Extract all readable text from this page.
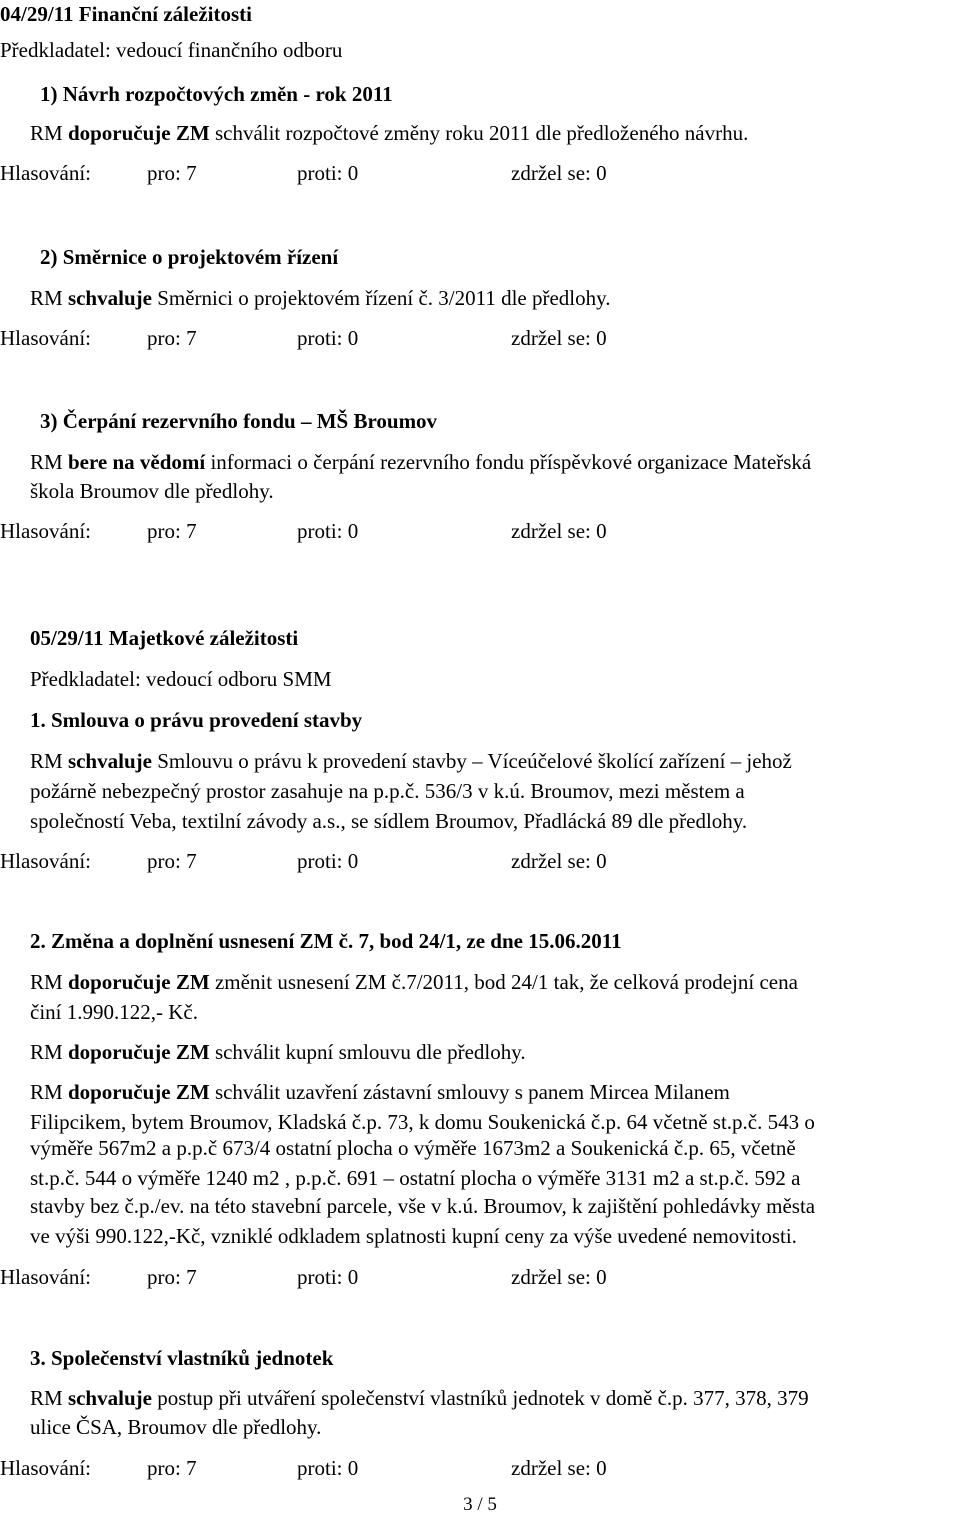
04/29/11 Finanční záležitosti
Předkladatel: vedoucí finančního odboru
1) Návrh rozpočtových změn - rok 2011
RM doporučuje ZM schválit rozpočtové změny roku 2011 dle předloženého návrhu.
Hlasování:	pro: 7	proti: 0	zdržel se: 0
2) Směrnice o projektovém řízení
RM schvaluje Směrnici o projektovém řízení č. 3/2011 dle předlohy.
Hlasování:	pro: 7	proti: 0	zdržel se: 0
3) Čerpání rezervního fondu – MŠ Broumov
RM bere na vědomí informaci o čerpání rezervního fondu příspěvkové organizace Mateřská
škola Broumov dle předlohy.
Hlasování:	pro: 7	proti: 0	zdržel se: 0
05/29/11 Majetkové záležitosti
Předkladatel: vedoucí odboru SMM
1. Smlouva o právu provedení stavby
RM schvaluje Smlouvu o právu k provedení stavby – Víceúčelové školící zařízení – jehož
požárně nebezpečný prostor zasahuje na p.p.č. 536/3 v k.ú. Broumov, mezi městem a
společností Veba, textilní závody a.s., se sídlem Broumov, Přadlácká 89 dle předlohy.
Hlasování:	pro: 7	proti: 0	zdržel se: 0
2. Změna a doplnění usnesení ZM č. 7, bod 24/1, ze dne 15.06.2011
RM doporučuje ZM změnit usnesení ZM č.7/2011, bod 24/1 tak, že celková prodejní cena
činí 1.990.122,- Kč.
RM doporučuje ZM schválit kupní smlouvu dle předlohy.
RM doporučuje ZM schválit uzavření zástavní smlouvy s panem Mircea Milanem
Filipcikem, bytem Broumov, Kladská č.p. 73, k domu Soukenická č.p. 64 včetně st.p.č. 543 o
výměře 567m2 a p.p.č 673/4 ostatní plocha o výměře 1673m2 a Soukenická č.p. 65, včetně
st.p.č. 544 o výměře 1240 m2 , p.p.č. 691 – ostatní plocha o výměře 3131 m2 a st.p.č. 592 a
stavby bez č.p./ev. na této stavební parcele, vše v k.ú. Broumov, k zajištění pohledávky města
ve výši 990.122,-Kč, vzniklé odkladem splatnosti kupní ceny za výše uvedené nemovitosti.
Hlasování:	pro: 7	proti: 0	zdržel se: 0
3. Společenství vlastníků jednotek
RM schvaluje postup při utváření společenství vlastníků jednotek v domě č.p. 377, 378, 379
ulice ČSA, Broumov dle předlohy.
Hlasování:	pro: 7	proti: 0	zdržel se: 0
3 / 5
